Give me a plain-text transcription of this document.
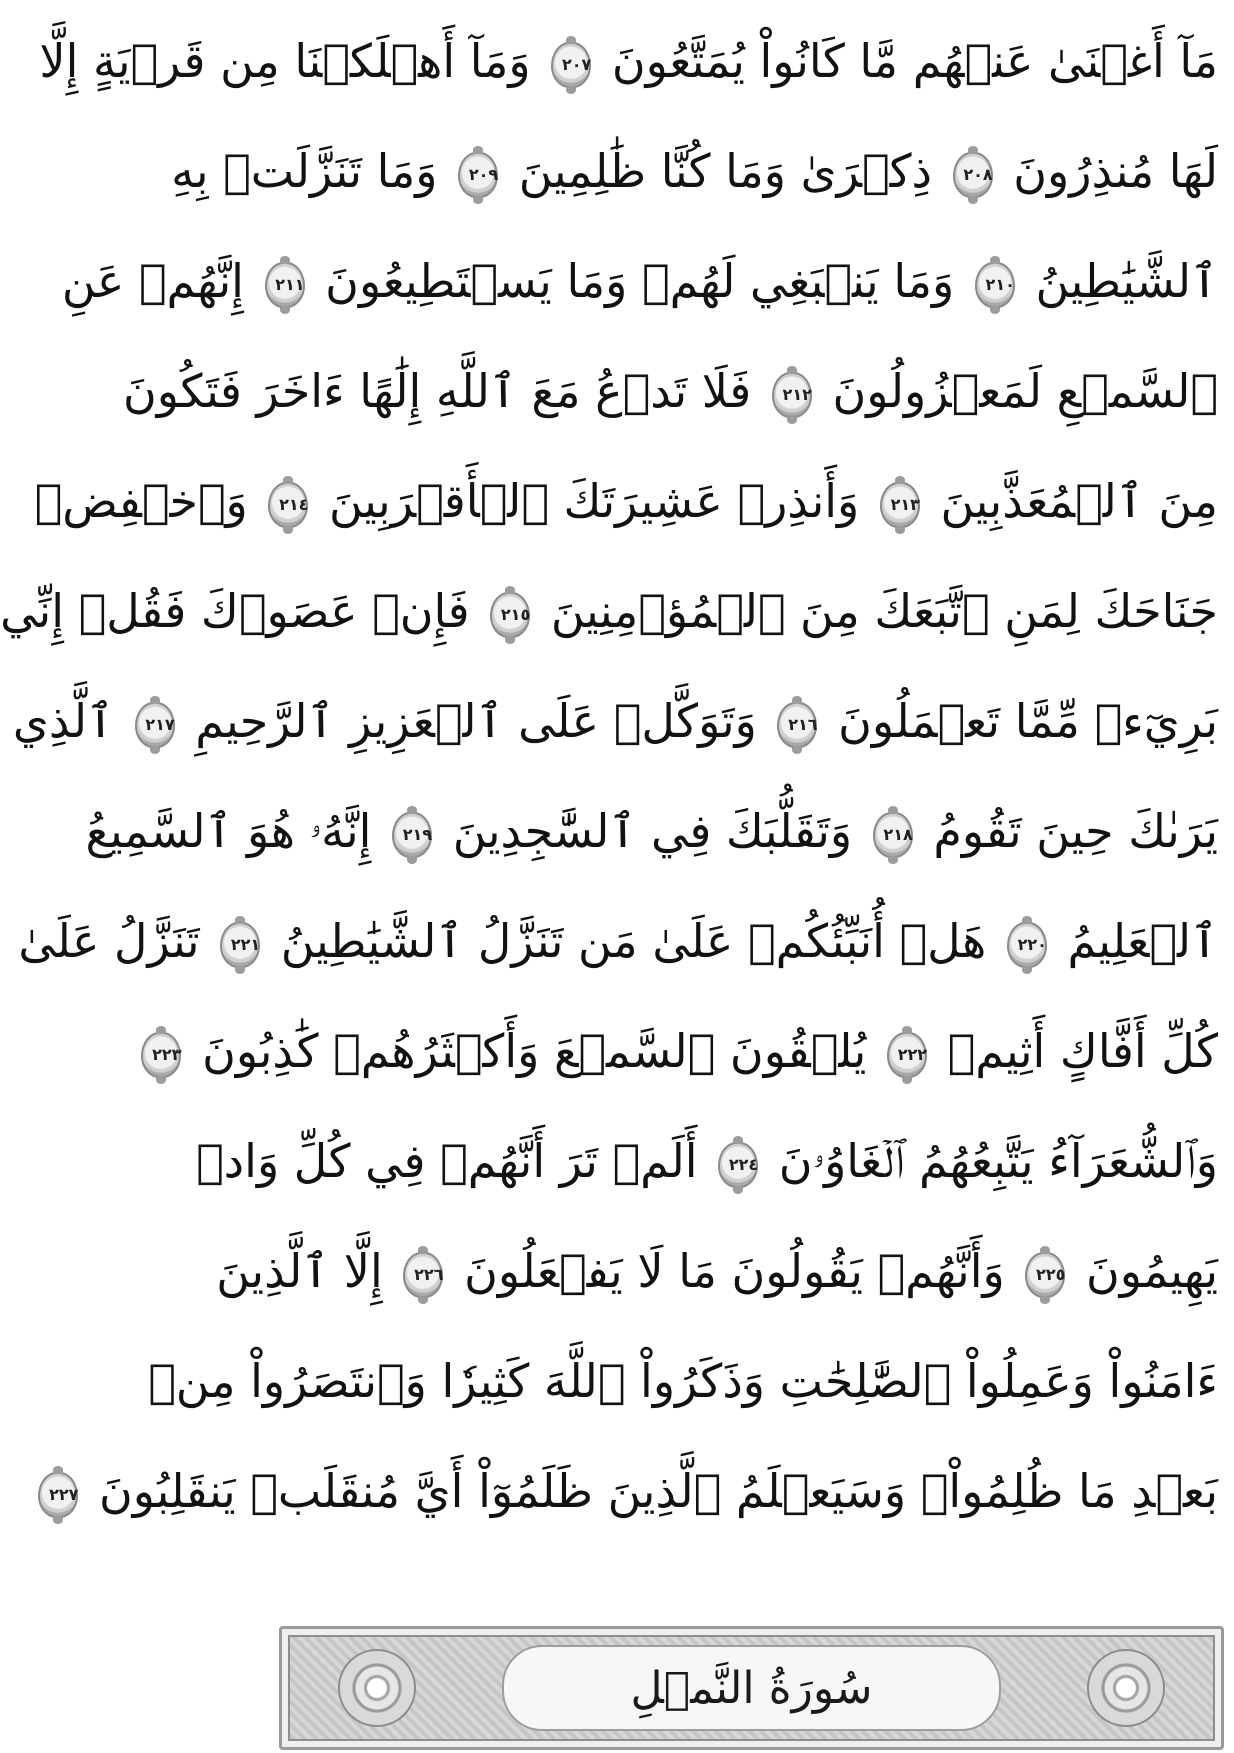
مَآ أَغۡنَىٰ عَنۡهُم مَّا كَانُواْ يُمَتَّعُونَ ٢٠٧ وَمَآ أَهۡلَكۡنَا مِن قَرۡيَةٍ إِلَّا
لَهَا مُنذِرُونَ ٢٠٨ ذِكۡرَىٰ وَمَا كُنَّا ظَٰلِمِينَ ٢٠٩ وَمَا تَنَزَّلَتۡ بِهِ
ٱلشَّيَٰطِينُ ٢١٠ وَمَا يَنۢبَغِي لَهُمۡ وَمَا يَسۡتَطِيعُونَ ٢١١ إِنَّهُمۡ عَنِ
ٱلسَّمۡعِ لَمَعۡزُولُونَ ٢١٢ فَلَا تَدۡعُ مَعَ ٱللَّهِ إِلَٰهًا ءَاخَرَ فَتَكُونَ
مِنَ ٱلۡمُعَذَّبِينَ ٢١٣ وَأَنذِرۡ عَشِيرَتَكَ ٱلۡأَقۡرَبِينَ ٢١٤ وَٱخۡفِضۡ
جَنَاحَكَ لِمَنِ ٱتَّبَعَكَ مِنَ ٱلۡمُؤۡمِنِينَ ٢١٥ فَإِنۡ عَصَوۡكَ فَقُلۡ إِنِّي
بَرِيٓءٞ مِّمَّا تَعۡمَلُونَ ٢١٦ وَتَوَكَّلۡ عَلَى ٱلۡعَزِيزِ ٱلرَّحِيمِ ٢١٧ ٱلَّذِي
يَرَىٰكَ حِينَ تَقُومُ ٢١٨ وَتَقَلُّبَكَ فِي ٱلسَّٰجِدِينَ ٢١٩ إِنَّهُۥ هُوَ ٱلسَّمِيعُ
ٱلۡعَلِيمُ ٢٢٠ هَلۡ أُنَبِّئُكُمۡ عَلَىٰ مَن تَنَزَّلُ ٱلشَّيَٰطِينُ ٢٢١ تَنَزَّلُ عَلَىٰ
كُلِّ أَفَّاكٍ أَثِيمٖ ٢٢٢ يُلۡقُونَ ٱلسَّمۡعَ وَأَكۡثَرُهُمۡ كَٰذِبُونَ ٢٢٣
وَٱلشُّعَرَآءُ يَتَّبِعُهُمُ ٱلۡغَاوُۥنَ ٢٢٤ أَلَمۡ تَرَ أَنَّهُمۡ فِي كُلِّ وَادٖ
يَهِيمُونَ ٢٢٥ وَأَنَّهُمۡ يَقُولُونَ مَا لَا يَفۡعَلُونَ ٢٢٦ إِلَّا ٱلَّذِينَ
ءَامَنُواْ وَعَمِلُواْ ٱلصَّٰلِحَٰتِ وَذَكَرُواْ ٱللَّهَ كَثِيرٗا وَٱنتَصَرُواْ مِنۢ
بَعۡدِ مَا ظُلِمُواْۗ وَسَيَعۡلَمُ ٱلَّذِينَ ظَلَمُوٓاْ أَيَّ مُنقَلَبٖ يَنقَلِبُونَ ٢٢٧
سُورَةُ النَّمۡلِ
